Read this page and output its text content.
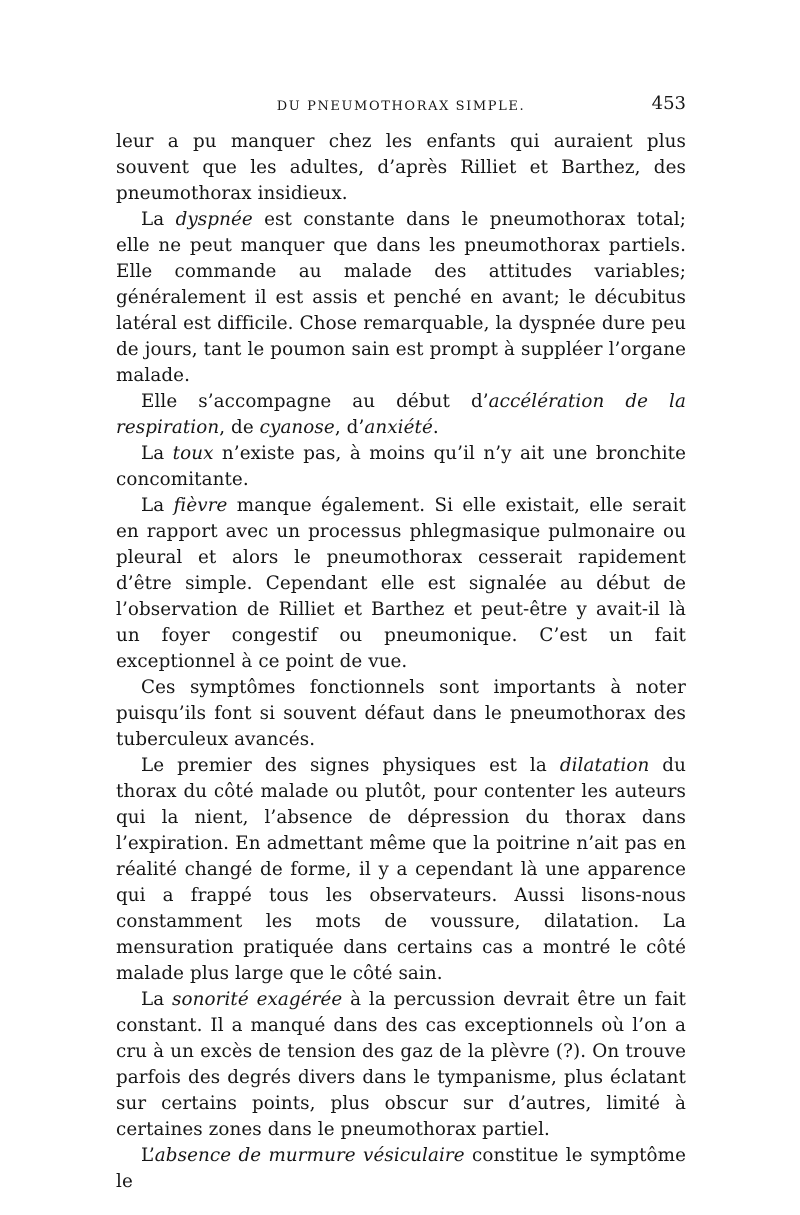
DU PNEUMOTHORAX SIMPLE.	453

leur a pu manquer chez les enfants qui auraient plus souvent que les adultes, d’après Rilliet et Barthez, des pneumothorax insidieux.

La dyspnée est constante dans le pneumothorax total; elle ne peut manquer que dans les pneumothorax partiels. Elle commande au malade des attitudes variables; généralement il est assis et penché en avant; le décubitus latéral est difficile. Chose remarquable, la dyspnée dure peu de jours, tant le poumon sain est prompt à suppléer l’organe malade.

Elle s’accompagne au début d’accélération de la respiration, de cyanose, d’anxiété.

La toux n’existe pas, à moins qu’il n’y ait une bronchite concomitante.

La fièvre manque également. Si elle existait, elle serait en rapport avec un processus phlegmasique pulmonaire ou pleural et alors le pneumothorax cesserait rapidement d’être simple. Cependant elle est signalée au début de l’observation de Rilliet et Barthez et peut-être y avait-il là un foyer congestif ou pneumonique. C’est un fait exceptionnel à ce point de vue.

Ces symptômes fonctionnels sont importants à noter puisqu’ils font si souvent défaut dans le pneumothorax des tuberculeux avancés.

Le premier des signes physiques est la dilatation du thorax du côté malade ou plutôt, pour contenter les auteurs qui la nient, l’absence de dépression du thorax dans l’expiration. En admettant même que la poitrine n’ait pas en réalité changé de forme, il y a cependant là une apparence qui a frappé tous les observateurs. Aussi lisons-nous constamment les mots de voussure, dilatation. La mensuration pratiquée dans certains cas a montré le côté malade plus large que le côté sain.

La sonorité exagérée à la percussion devrait être un fait constant. Il a manqué dans des cas exceptionnels où l’on a cru à un excès de tension des gaz de la plèvre (?). On trouve parfois des degrés divers dans le tympanisme, plus éclatant sur certains points, plus obscur sur d’autres, limité à certaines zones dans le pneumothorax partiel.

L’absence de murmure vésiculaire constitue le symptôme le
